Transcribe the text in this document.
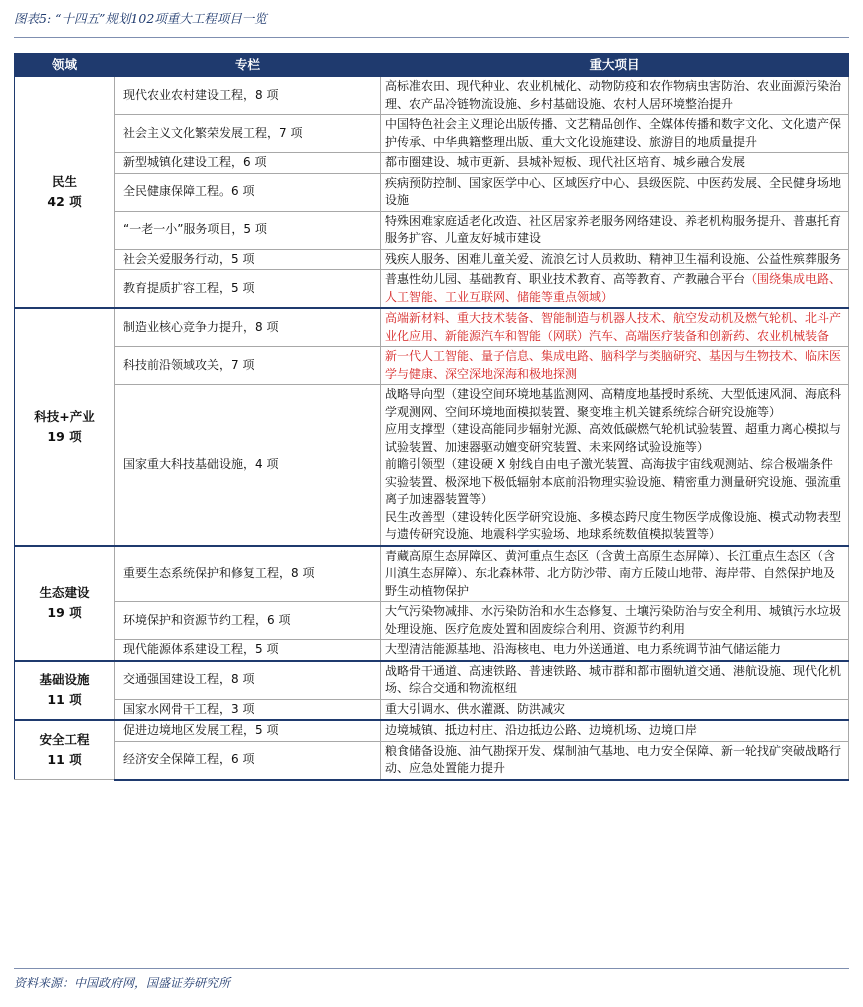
图表5: “十四五”规划102项重大工程项目一览
领域	专栏	重大项目

民生
42 项	现代农业农村建设工程，8 项	高标准农田、现代种业、农业机械化、动物防疫和农作物病虫害防治、农业面源污染治理、农产品冷链物流设施、乡村基础设施、农村人居环境整治提升
	社会主义文化繁荣发展工程，7 项	中国特色社会主义理论出版传播、文艺精品创作、全媒体传播和数字文化、文化遗产保护传承、中华典籍整理出版、重大文化设施建设、旅游目的地质量提升
	新型城镇化建设工程，6 项	都市圈建设、城市更新、县城补短板、现代社区培育、城乡融合发展
	全民健康保障工程。6 项	疾病预防控制、国家医学中心、区域医疗中心、县级医院、中医药发展、全民健身场地设施
	“一老一小”服务项目，5 项	特殊困难家庭适老化改造、社区居家养老服务网络建设、养老机构服务提升、普惠托育服务扩容、儿童友好城市建设
	社会关爱服务行动，5 项	残疾人服务、困难儿童关爱、流浪乞讨人员救助、精神卫生福利设施、公益性殡葬服务
	教育提质扩容工程，5 项	普惠性幼儿园、基础教育、职业技术教育、高等教育、产教融合平台（围绕集成电路、人工智能、工业互联网、储能等重点领域）

科技+产业
19 项	制造业核心竞争力提升，8 项	高端新材料、重大技术装备、智能制造与机器人技术、航空发动机及燃气轮机、北斗产业化应用、新能源汽车和智能（网联）汽车、高端医疗装备和创新药、农业机械装备
	科技前沿领域攻关，7 项	新一代人工智能、量子信息、集成电路、脑科学与类脑研究、基因与生物技术、临床医学与健康、深空深地深海和极地探测
	国家重大科技基础设施，4 项	战略导向型（建设空间环境地基监测网、高精度地基授时系统、大型低速风洞、海底科学观测网、空间环境地面模拟装置、聚变堆主机关键系统综合研究设施等）
应用支撑型（建设高能同步辐射光源、高效低碳燃气轮机试验装置、超重力离心模拟与试验装置、加速器驱动嬗变研究装置、未来网络试验设施等）
前瞻引领型（建设硬 X 射线自由电子激光装置、高海拔宇宙线观测站、综合极端条件实验装置、极深地下极低辐射本底前沿物理实验设施、精密重力测量研究设施、强流重离子加速器装置等）
民生改善型（建设转化医学研究设施、多模态跨尺度生物医学成像设施、模式动物表型与遗传研究设施、地震科学实验场、地球系统数值模拟装置等）

生态建设
19 项	重要生态系统保护和修复工程，8 项	青藏高原生态屏障区、黄河重点生态区（含黄土高原生态屏障）、长江重点生态区（含川滇生态屏障）、东北森林带、北方防沙带、南方丘陵山地带、海岸带、自然保护地及野生动植物保护
	环境保护和资源节约工程，6 项	大气污染物减排、水污染防治和水生态修复、土壤污染防治与安全利用、城镇污水垃圾处理设施、医疗危废处置和固废综合利用、资源节约利用
	现代能源体系建设工程，5 项	大型清洁能源基地、沿海核电、电力外送通道、电力系统调节油气储运能力

基础设施
11 项	交通强国建设工程，8 项	战略骨干通道、高速铁路、普速铁路、城市群和都市圈轨道交通、港航设施、现代化机场、综合交通和物流枢纽
	国家水网骨干工程，3 项	重大引调水、供水灌溉、防洪减灾

安全工程
11 项	促进边境地区发展工程，5 项	边境城镇、抵边村庄、沿边抵边公路、边境机场、边境口岸
	经济安全保障工程，6 项	粮食储备设施、油气勘探开发、煤制油气基地、电力安全保障、新一轮找矿突破战略行动、应急处置能力提升
资料来源：中国政府网，国盛证券研究所
